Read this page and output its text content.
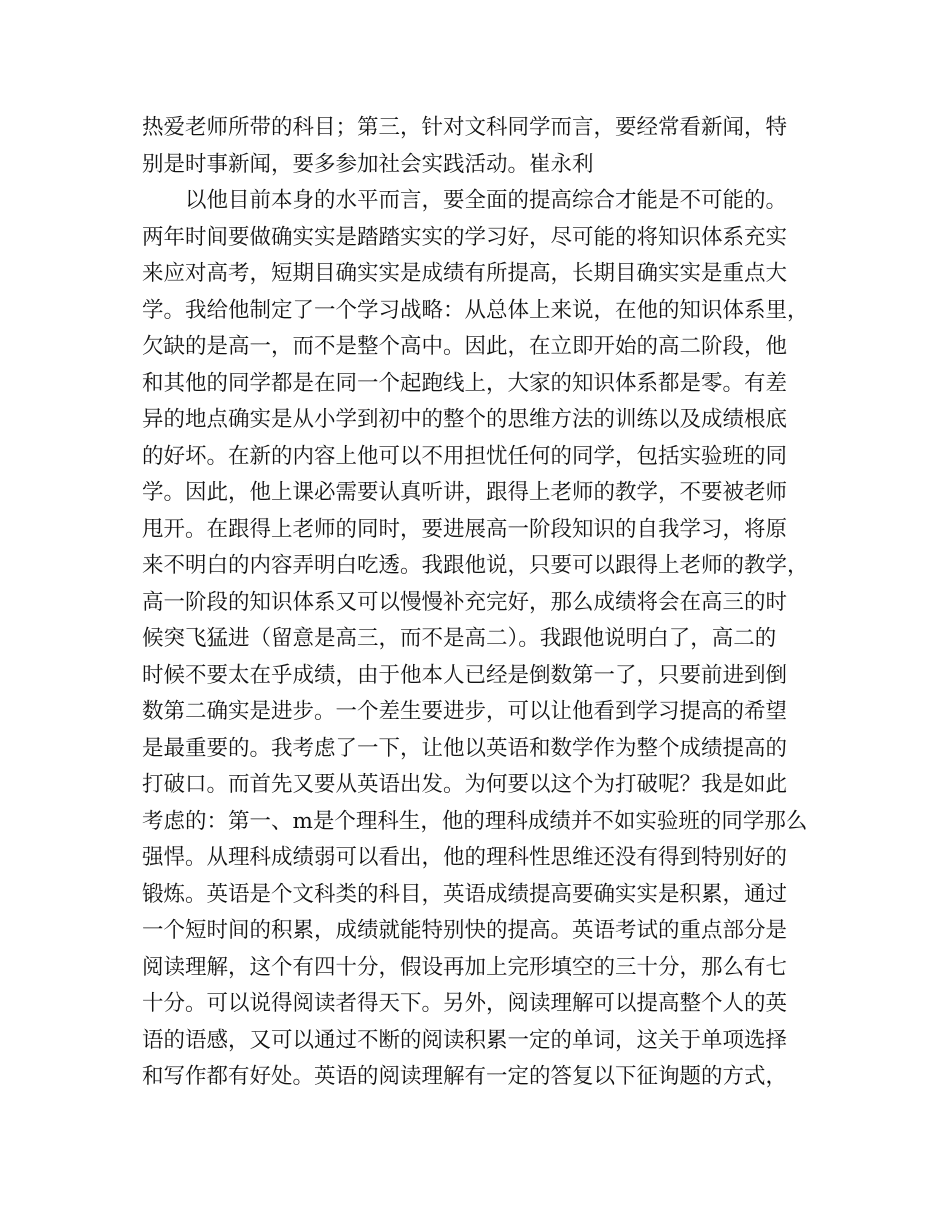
热爱老师所带的科目；第三，针对文科同学而言，要经常看新闻，特
别是时事新闻，要多参加社会实践活动。崔永利
以他目前本身的水平而言，要全面的提高综合才能是不可能的。
两年时间要做确实实是踏踏实实的学习好，尽可能的将知识体系充实
来应对高考，短期目确实实是成绩有所提高，长期目确实实是重点大
学。我给他制定了一个学习战略：从总体上来说，在他的知识体系里，
欠缺的是高一，而不是整个高中。因此，在立即开始的高二阶段，他
和其他的同学都是在同一个起跑线上，大家的知识体系都是零。有差
异的地点确实是从小学到初中的整个的思维方法的训练以及成绩根底
的好坏。在新的内容上他可以不用担忧任何的同学，包括实验班的同
学。因此，他上课必需要认真听讲，跟得上老师的教学，不要被老师
甩开。在跟得上老师的同时，要进展高一阶段知识的自我学习，将原
来不明白的内容弄明白吃透。我跟他说，只要可以跟得上老师的教学，
高一阶段的知识体系又可以慢慢补充完好，那么成绩将会在高三的时
候突飞猛进（留意是高三，而不是高二）。我跟他说明白了，高二的
时候不要太在乎成绩，由于他本人已经是倒数第一了，只要前进到倒
数第二确实是进步。一个差生要进步，可以让他看到学习提高的希望
是最重要的。我考虑了一下，让他以英语和数学作为整个成绩提高的
打破口。而首先又要从英语出发。为何要以这个为打破呢？我是如此
考虑的：第一、m是个理科生，他的理科成绩并不如实验班的同学那么
强悍。从理科成绩弱可以看出，他的理科性思维还没有得到特别好的
锻炼。英语是个文科类的科目，英语成绩提高要确实实是积累，通过
一个短时间的积累，成绩就能特别快的提高。英语考试的重点部分是
阅读理解，这个有四十分，假设再加上完形填空的三十分，那么有七
十分。可以说得阅读者得天下。另外，阅读理解可以提高整个人的英
语的语感，又可以通过不断的阅读积累一定的单词，这关于单项选择
和写作都有好处。英语的阅读理解有一定的答复以下征询题的方式，
